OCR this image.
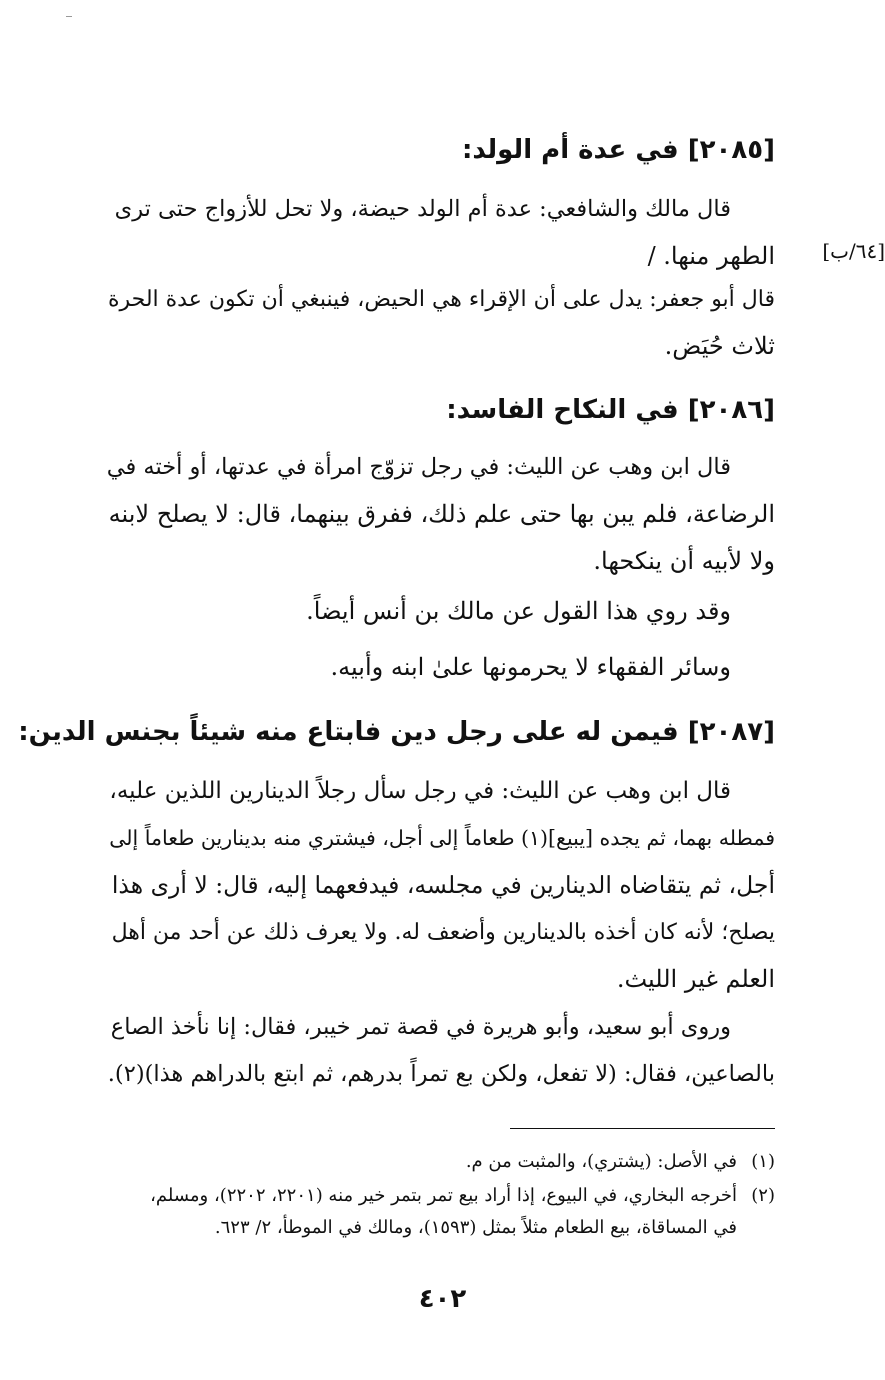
[٢٠٨٥] في عدة أم الولد:
قال مالك والشافعي: عدة أم الولد حيضة، ولا تحل للأزواج حتى ترى
الطهر منها. /	[٦٤/ب]
قال أبو جعفر: يدل على أن الإقراء هي الحيض، فينبغي أن تكون عدة الحرة
ثلاث حُيَض.
[٢٠٨٦] في النكاح الفاسد:
قال ابن وهب عن الليث: في رجل تزوّج امرأة في عدتها، أو أخته في
الرضاعة، فلم يبن بها حتى علم ذلك، ففرق بينهما، قال: لا يصلح لابنه
ولا لأبيه أن ينكحها.
وقد روي هذا القول عن مالك بن أنس أيضاً.
وسائر الفقهاء لا يحرمونها علىٰ ابنه وأبيه.
[٢٠٨٧] فيمن له على رجل دين فابتاع منه شيئاً بجنس الدين:
قال ابن وهب عن الليث: في رجل سأل رجلاً الدينارين اللذين عليه،
فمطله بهما، ثم يجده [يبيع](١) طعاماً إلى أجل، فيشتري منه بدينارين طعاماً إلى
أجل، ثم يتقاضاه الدينارين في مجلسه، فيدفعهما إليه، قال: لا أرى هذا
يصلح؛ لأنه كان أخذه بالدينارين وأضعف له. ولا يعرف ذلك عن أحد من أهل
العلم غير الليث.
وروى أبو سعيد، وأبو هريرة في قصة تمر خيبر، فقال: إنا نأخذ الصاع
بالصاعين، فقال: (لا تفعل، ولكن بع تمراً بدرهم، ثم ابتع بالدراهم هذا)(٢).
(١)في الأصل: (يشتري)، والمثبت من م.
(٢)أخرجه البخاري، في البيوع، إذا أراد بيع تمر بتمر خير منه (٢٢٠١، ٢٢٠٢)، ومسلم،
في المساقاة، بيع الطعام مثلاً بمثل (١٥٩٣)، ومالك في الموطأ، ٢/ ٦٢٣.
٤٠٢
